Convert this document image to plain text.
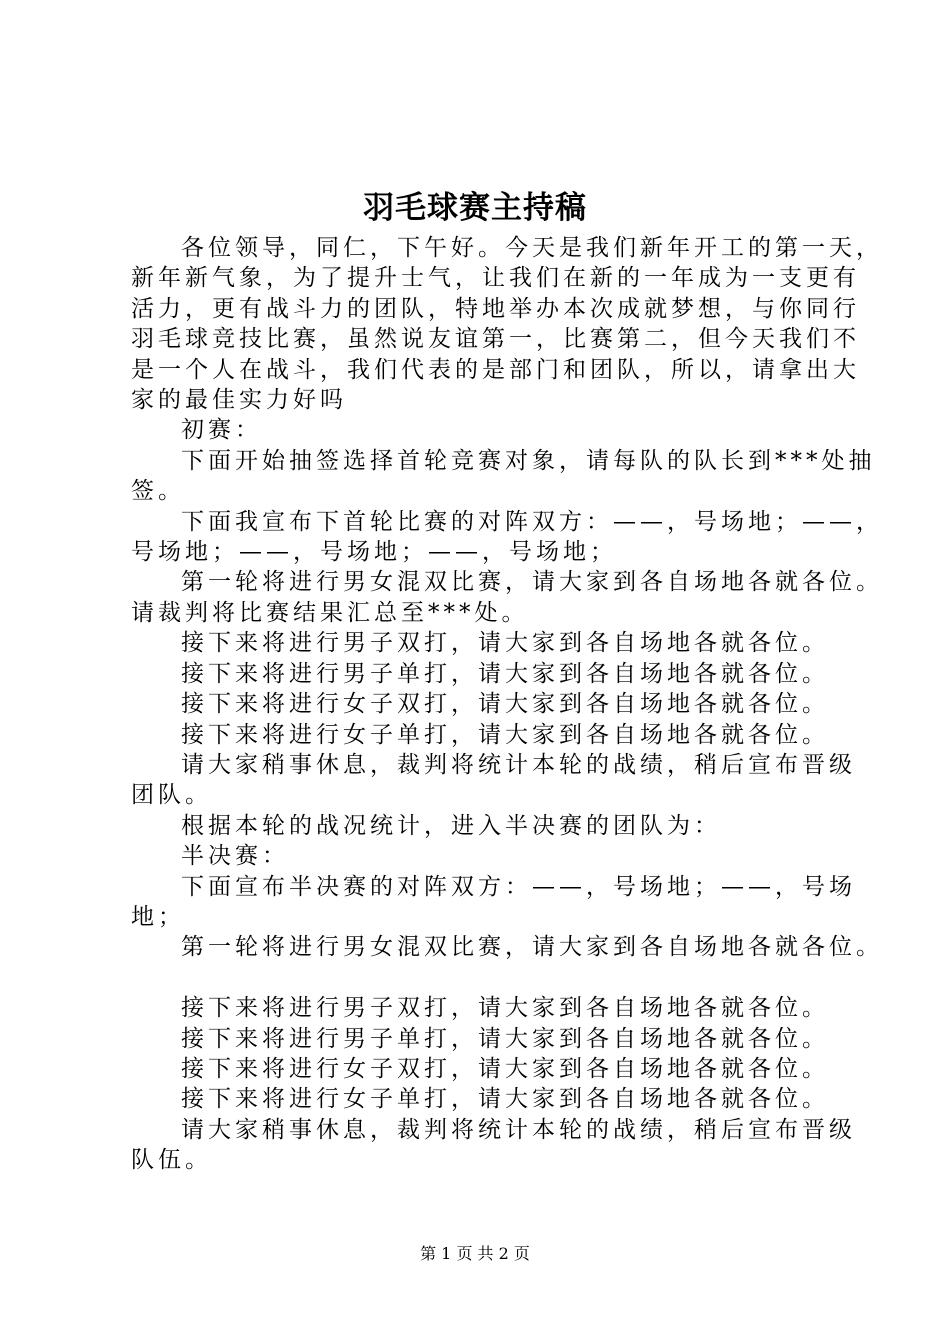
羽毛球赛主持稿
各位领导，同仁，下午好。今天是我们新年开工的第一天，
新年新气象，为了提升士气，让我们在新的一年成为一支更有
活力，更有战斗力的团队，特地举办本次成就梦想，与你同行
羽毛球竞技比赛，虽然说友谊第一，比赛第二，但今天我们不
是一个人在战斗，我们代表的是部门和团队，所以，请拿出大
家的最佳实力好吗
初赛：
下面开始抽签选择首轮竞赛对象，请每队的队长到***处抽
签。
下面我宣布下首轮比赛的对阵双方：——，号场地；——，
号场地；——，号场地；——，号场地；
第一轮将进行男女混双比赛，请大家到各自场地各就各位。
请裁判将比赛结果汇总至***处。
接下来将进行男子双打，请大家到各自场地各就各位。
接下来将进行男子单打，请大家到各自场地各就各位。
接下来将进行女子双打，请大家到各自场地各就各位。
接下来将进行女子单打，请大家到各自场地各就各位。
请大家稍事休息，裁判将统计本轮的战绩，稍后宣布晋级
团队。
根据本轮的战况统计，进入半决赛的团队为：
半决赛：
下面宣布半决赛的对阵双方：——，号场地；——，号场
地；
第一轮将进行男女混双比赛，请大家到各自场地各就各位。
接下来将进行男子双打，请大家到各自场地各就各位。
接下来将进行男子单打，请大家到各自场地各就各位。
接下来将进行女子双打，请大家到各自场地各就各位。
接下来将进行女子单打，请大家到各自场地各就各位。
请大家稍事休息，裁判将统计本轮的战绩，稍后宣布晋级
队伍。
第 1 页 共 2 页
